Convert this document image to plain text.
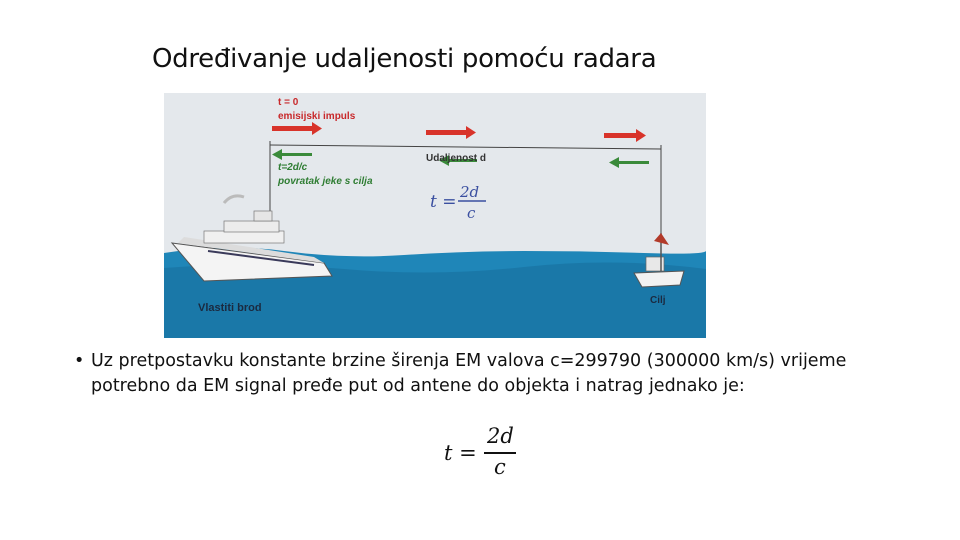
Određivanje udaljenosti pomoću radara
t = 0
emisijski impuls
t=2d/c
povratak jeke s cilja
Udaljenost d
t = 2d
c
Vlastiti brod
Cilj
• Uz pretpostavku konstante brzine širenja EM valova c=299790 (300000 km/s) vrijeme potrebno da EM signal pređe put od antene do objekta i natrag jednako je:
t =
2d
c
